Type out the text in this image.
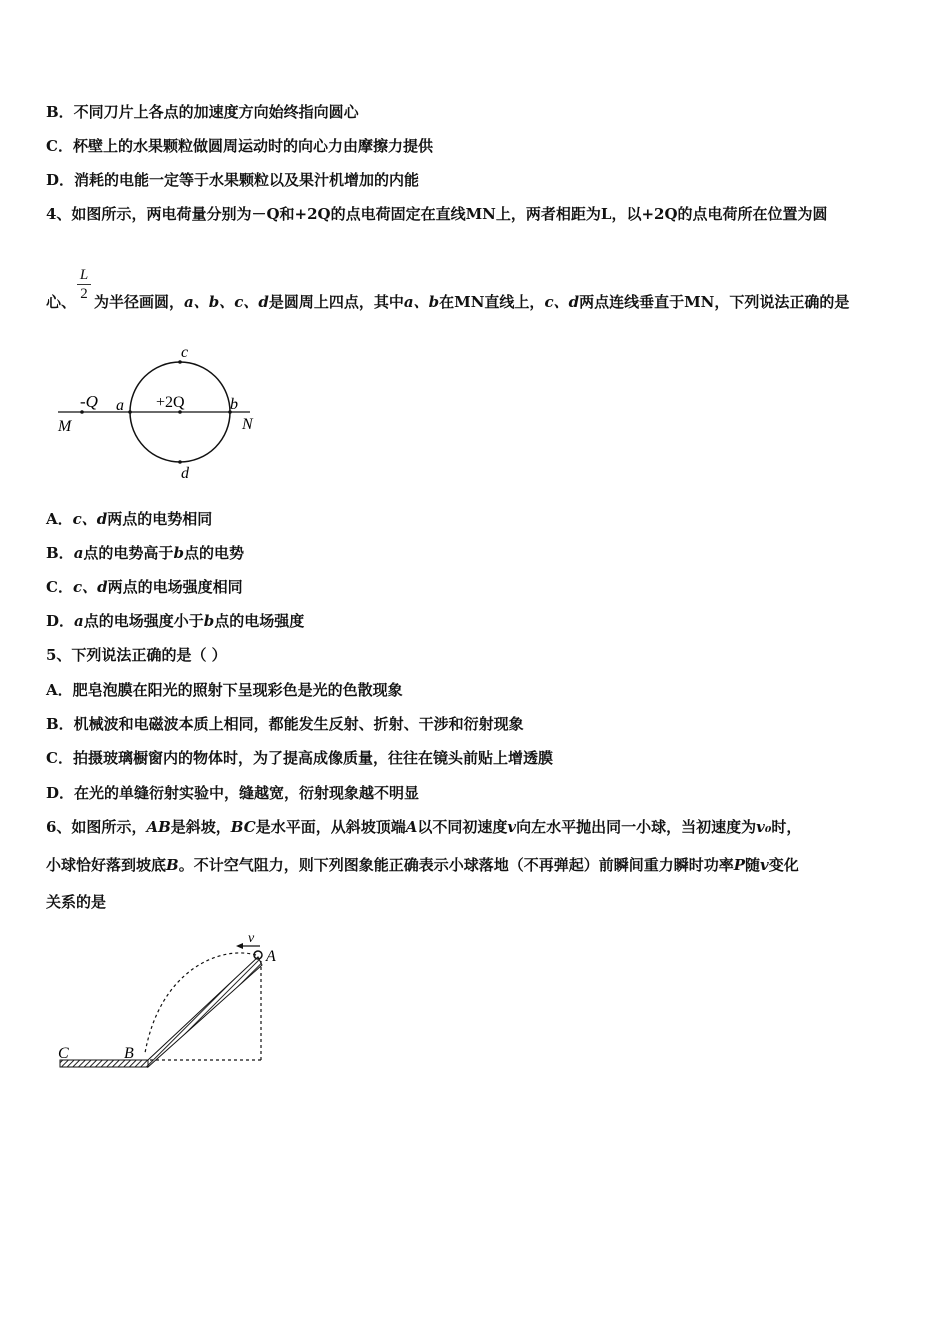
B．不同刀片上各点的加速度方向始终指向圆心
C．杯壁上的水果颗粒做圆周运动时的向心力由摩擦力提供
D．消耗的电能一定等于水果颗粒以及果汁机增加的内能
4、如图所示，两电荷量分别为－Q和+2Q的点电荷固定在直线MN上，两者相距为L，以+2Q的点电荷所在位置为圆
$\frac{L}{2}$
心、 为半径画圆，a、b、c、d是圆周上四点，其中a、b在MN直线上，c、d两点连线垂直于MN，下列说法正确的是
-Q a +2Q	b
c
d
M	N
A．c、d两点的电势相同
B．a点的电势高于b点的电势
C．c、d两点的电场强度相同
D．a点的电场强度小于b点的电场强度
5、下列说法正确的是（ ）
A．肥皂泡膜在阳光的照射下呈现彩色是光的色散现象
B．机械波和电磁波本质上相同，都能发生反射、折射、干涉和衍射现象
C．拍摄玻璃橱窗内的物体时，为了提高成像质量，往往在镜头前贴上增透膜
D．在光的单缝衍射实验中，缝越宽，衍射现象越不明显
6、如图所示，AB是斜坡，BC是水平面，从斜坡顶端A以不同初速度v向左水平抛出同一小球，当初速度为v₀时，
小球恰好落到坡底B。不计空气阻力，则下列图象能正确表示小球落地（不再弹起）前瞬间重力瞬时功率P随v变化
关系的是
v
A
B
C
